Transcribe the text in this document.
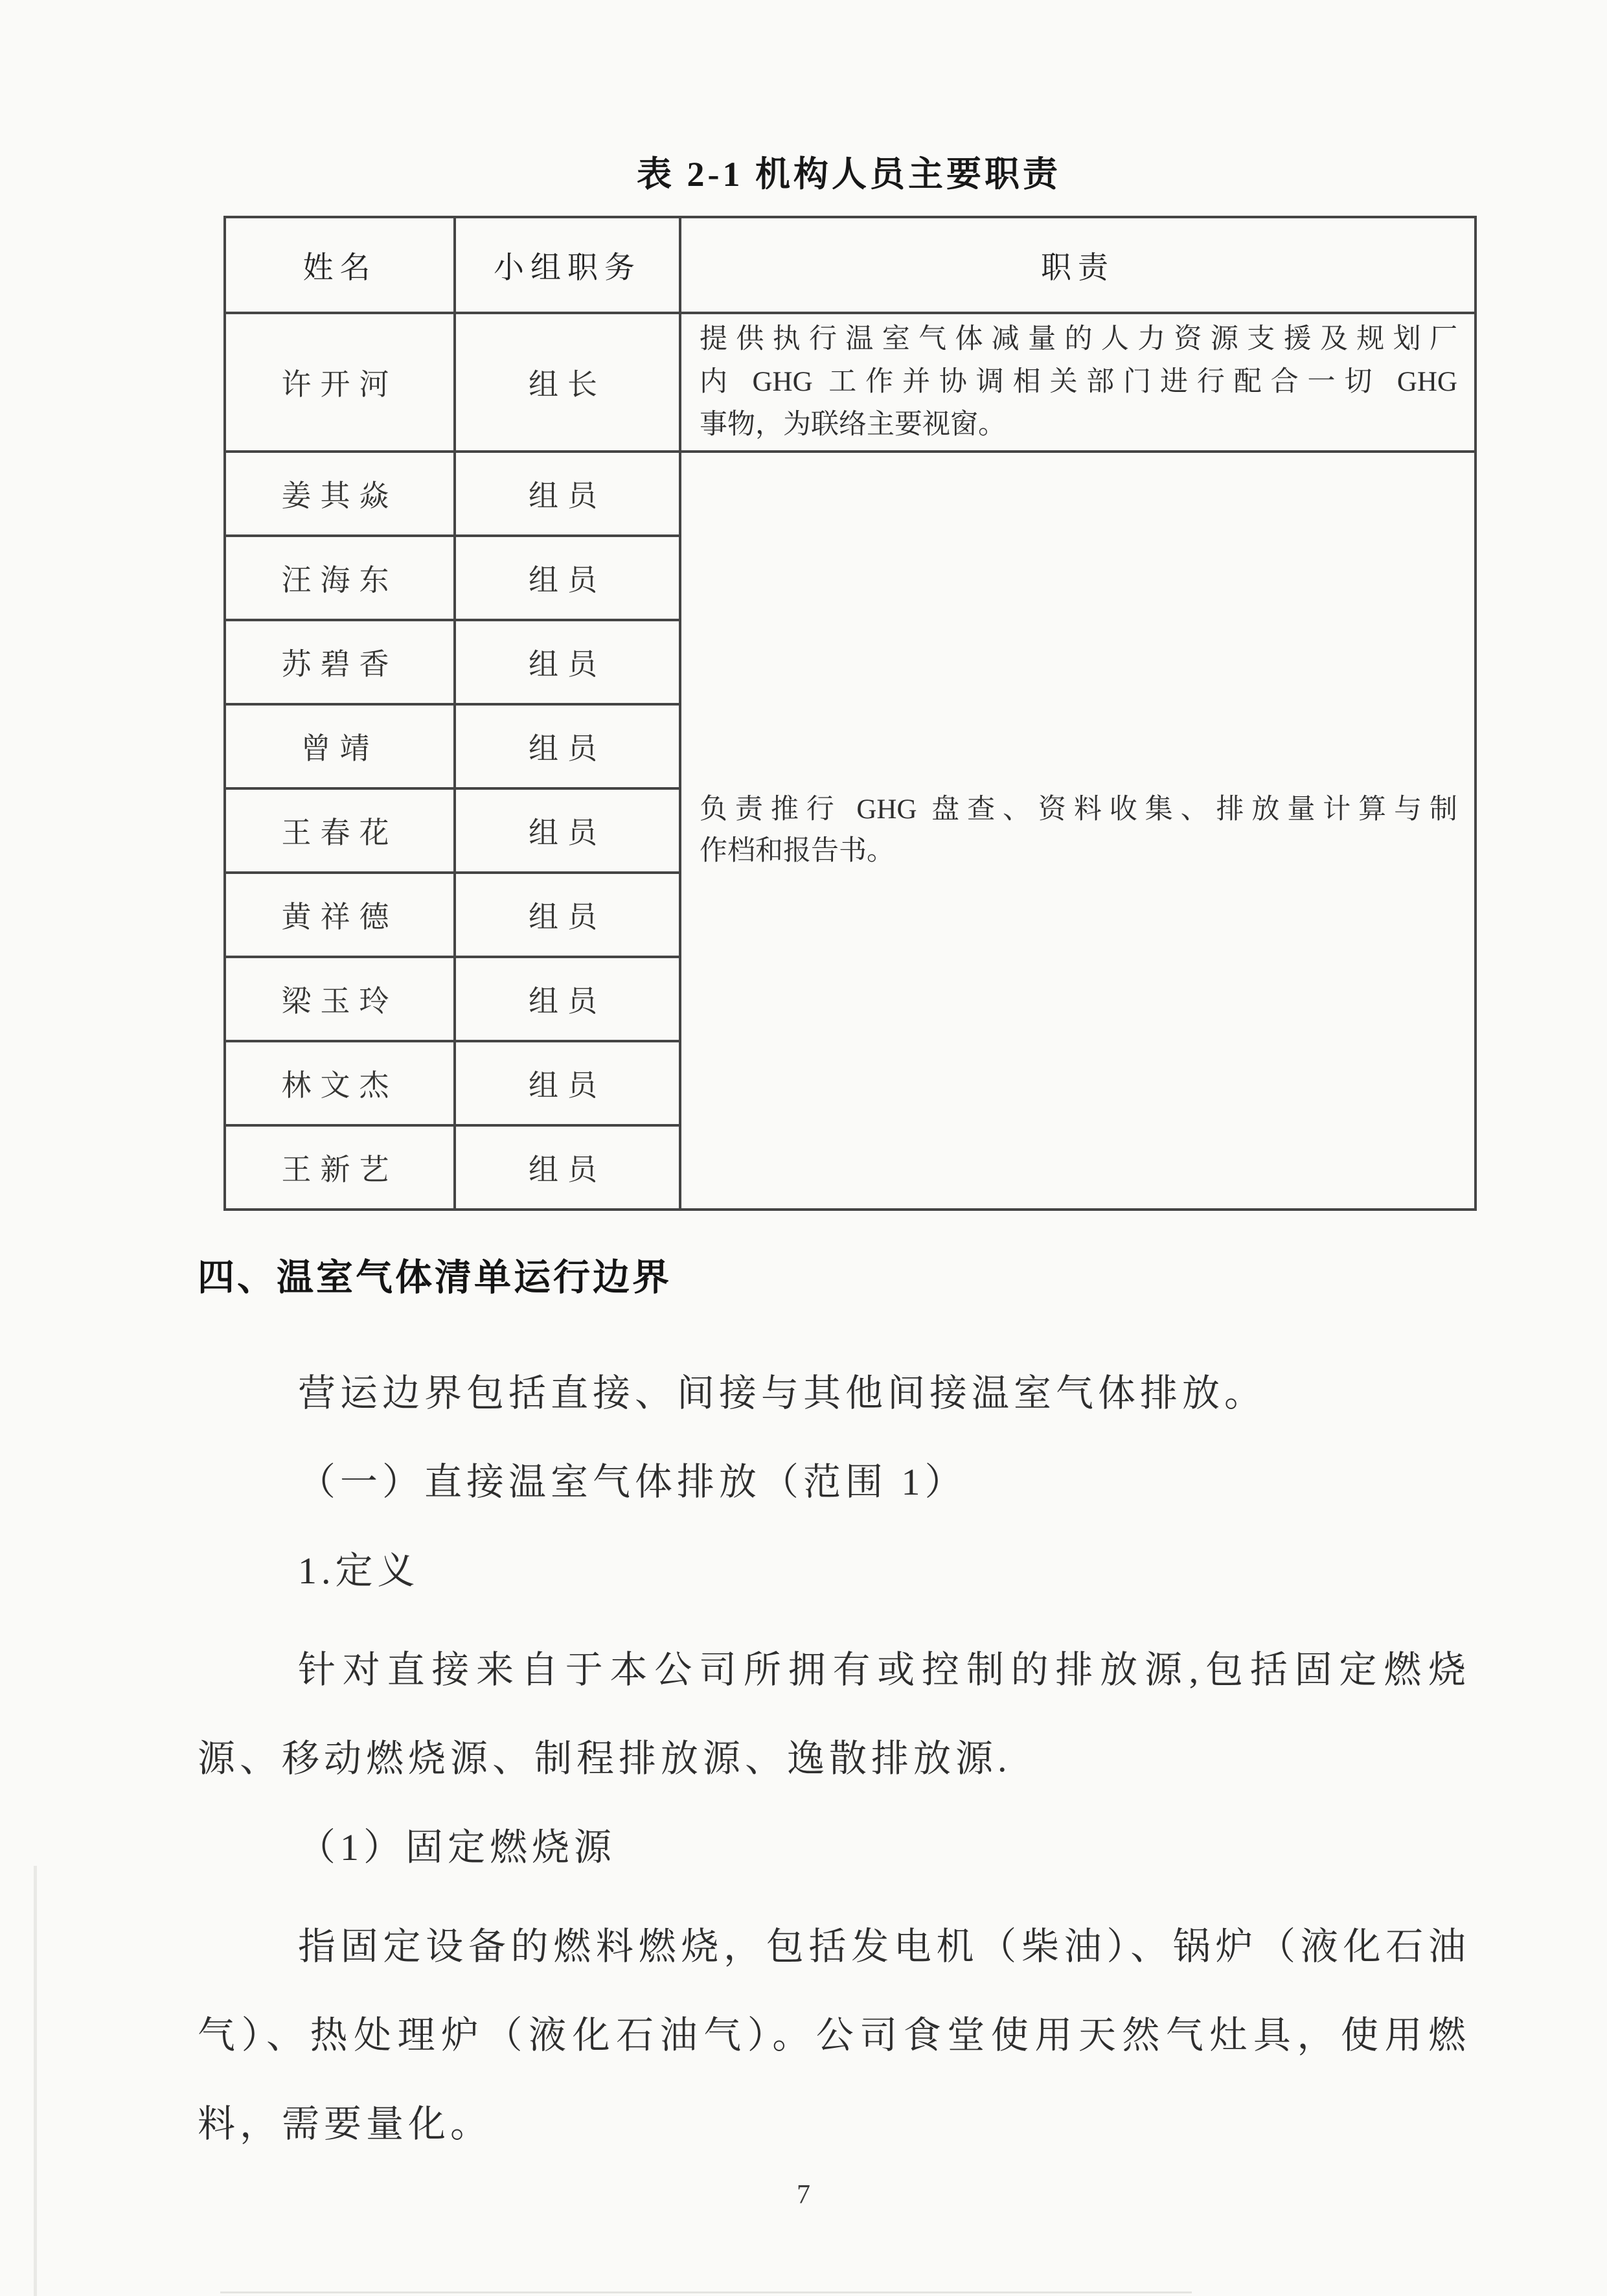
表 2-1 机构人员主要职责
姓名	小组职务	职责
许开河	组长	提供执行温室气体减量的人力资源支援及规划厂
内 GHG 工作并协调相关部门进行配合一切 GHG
事物，为联络主要视窗。

姜其焱	组员	负责推行 GHG 盘查、资料收集、排放量计算与制
作档和报告书。

汪海东	组员	
苏碧香	组员	
曾靖	组员	
王春花	组员	
黄祥德	组员	
梁玉玲	组员	
林文杰	组员	
王新艺	组员	
四、温室气体清单运行边界
营运边界包括直接、间接与其他间接温室气体排放。
（一）直接温室气体排放（范围 1）
1.定义
针对直接来自于本公司所拥有或控制的排放源,包括固定燃烧
源、移动燃烧源、制程排放源、逸散排放源.
（1）固定燃烧源
指固定设备的燃料燃烧，包括发电机（柴油）、锅炉（液化石油
气）、热处理炉（液化石油气）。公司食堂使用天然气灶具，使用燃
料，需要量化。
7
